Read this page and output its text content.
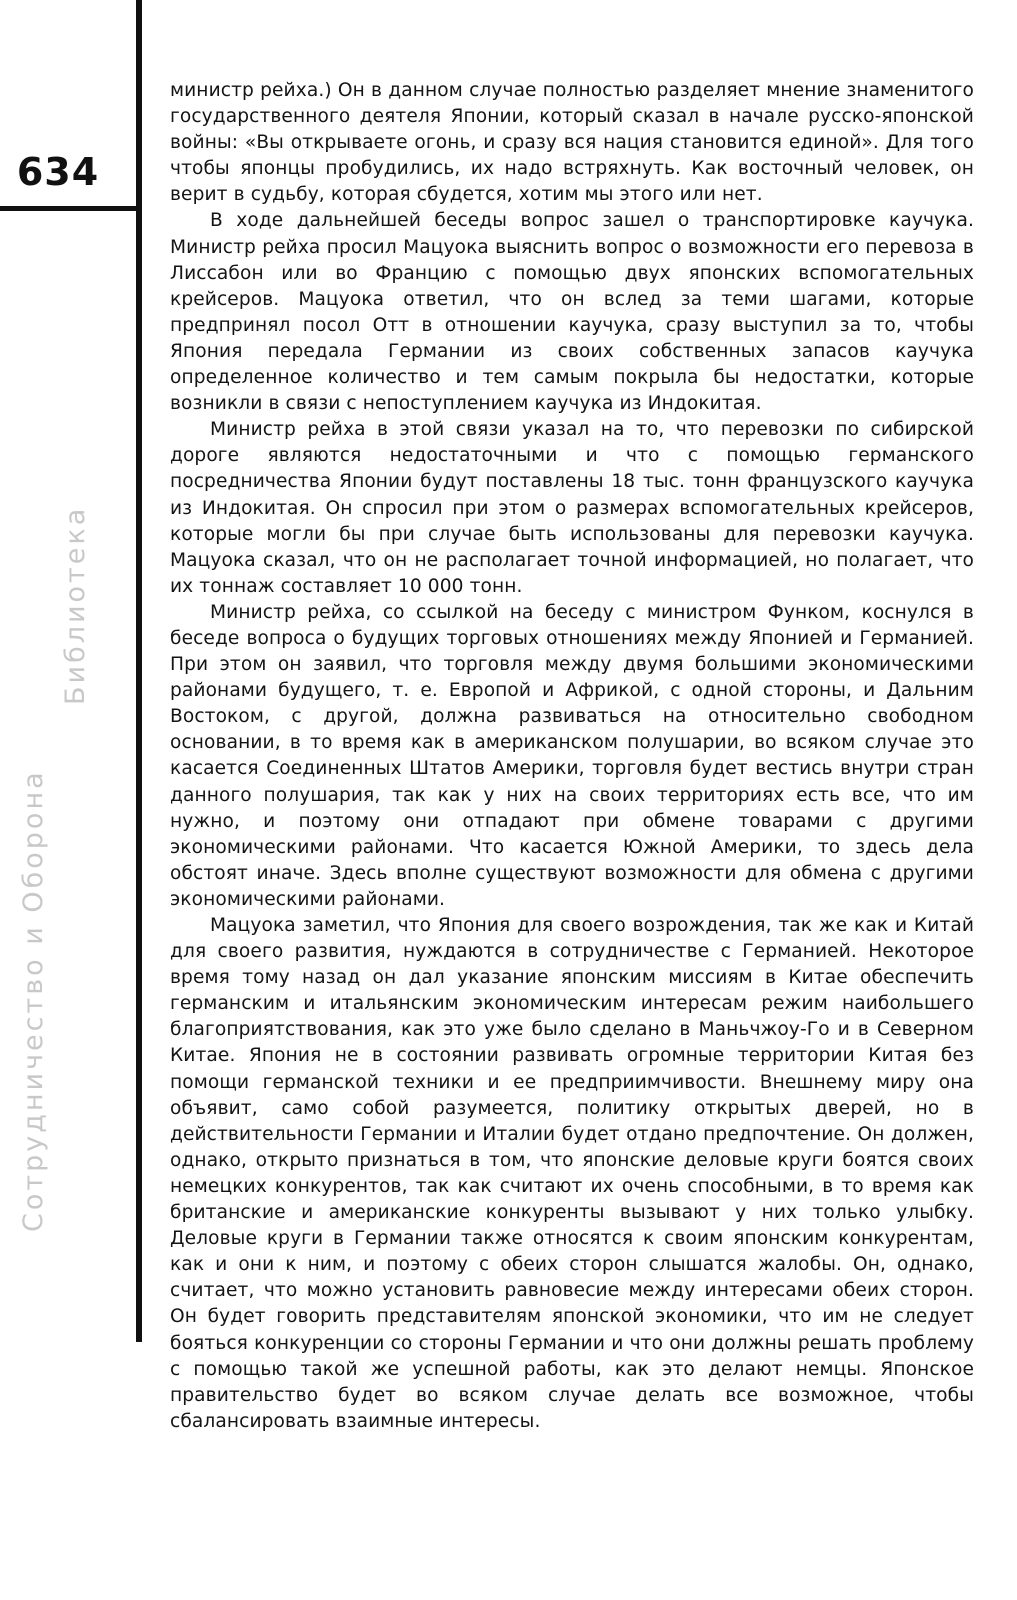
634
Сотрудничество и Оборона
Библиотека

министр рейха.) Он в данном случае полностью разделяет мнение знаменитого государственного деятеля Японии, который сказал в начале русско-японской войны: «Вы открываете огонь, и сразу вся нация становится единой». Для того чтобы японцы пробудились, их надо встряхнуть. Как восточный человек, он верит в судьбу, которая сбудется, хотим мы этого или нет.

В ходе дальнейшей беседы вопрос зашел о транспортировке каучука. Министр рейха просил Мацуока выяснить вопрос о возможности его перевоза в Лиссабон или во Францию с помощью двух японских вспомогательных крейсеров. Мацуока ответил, что он вслед за теми шагами, которые предпринял посол Отт в отношении каучука, сразу выступил за то, чтобы Япония передала Германии из своих собственных запасов каучука определенное количество и тем самым покрыла бы недостатки, которые возникли в связи с непоступлением каучука из Индокитая.

Министр рейха в этой связи указал на то, что перевозки по сибирской дороге являются недостаточными и что с помощью германского посредничества Японии будут поставлены 18 тыс. тонн французского каучука из Индокитая. Он спросил при этом о размерах вспомогательных крейсеров, которые могли бы при случае быть использованы для перевозки каучука. Мацуока сказал, что он не располагает точной информацией, но полагает, что их тоннаж составляет 10 000 тонн.

Министр рейха, со ссылкой на беседу с министром Функом, коснулся в беседе вопроса о будущих торговых отношениях между Японией и Германией. При этом он заявил, что торговля между двумя большими экономическими районами будущего, т. е. Европой и Африкой, с одной стороны, и Дальним Востоком, с другой, должна развиваться на относительно свободном основании, в то время как в американском полушарии, во всяком случае это касается Соединенных Штатов Америки, торговля будет вестись внутри стран данного полушария, так как у них на своих территориях есть все, что им нужно, и поэтому они отпадают при обмене товарами с другими экономическими районами. Что касается Южной Америки, то здесь дела обстоят иначе. Здесь вполне существуют возможности для обмена с другими экономическими районами.

Мацуока заметил, что Япония для своего возрождения, так же как и Китай для своего развития, нуждаются в сотрудничестве с Германией. Некоторое время тому назад он дал указание японским миссиям в Китае обеспечить германским и итальянским экономическим интересам режим наибольшего благоприятствования, как это уже было сделано в Маньчжоу-Го и в Северном Китае. Япония не в состоянии развивать огромные территории Китая без помощи германской техники и ее предприимчивости. Внешнему миру она объявит, само собой разумеется, политику открытых дверей, но в действительности Германии и Италии будет отдано предпочтение. Он должен, однако, открыто признаться в том, что японские деловые круги боятся своих немецких конкурентов, так как считают их очень способными, в то время как британские и американские конкуренты вызывают у них только улыбку. Деловые круги в Германии также относятся к своим японским конкурентам, как и они к ним, и поэтому с обеих сторон слышатся жалобы. Он, однако, считает, что можно установить равновесие между интересами обеих сторон. Он будет говорить представителям японской экономики, что им не следует бояться конкуренции со стороны Германии и что они должны решать проблему с помощью такой же успешной работы, как это делают немцы. Японское правительство будет во всяком случае делать все возможное, чтобы сбалансировать взаимные интересы.
